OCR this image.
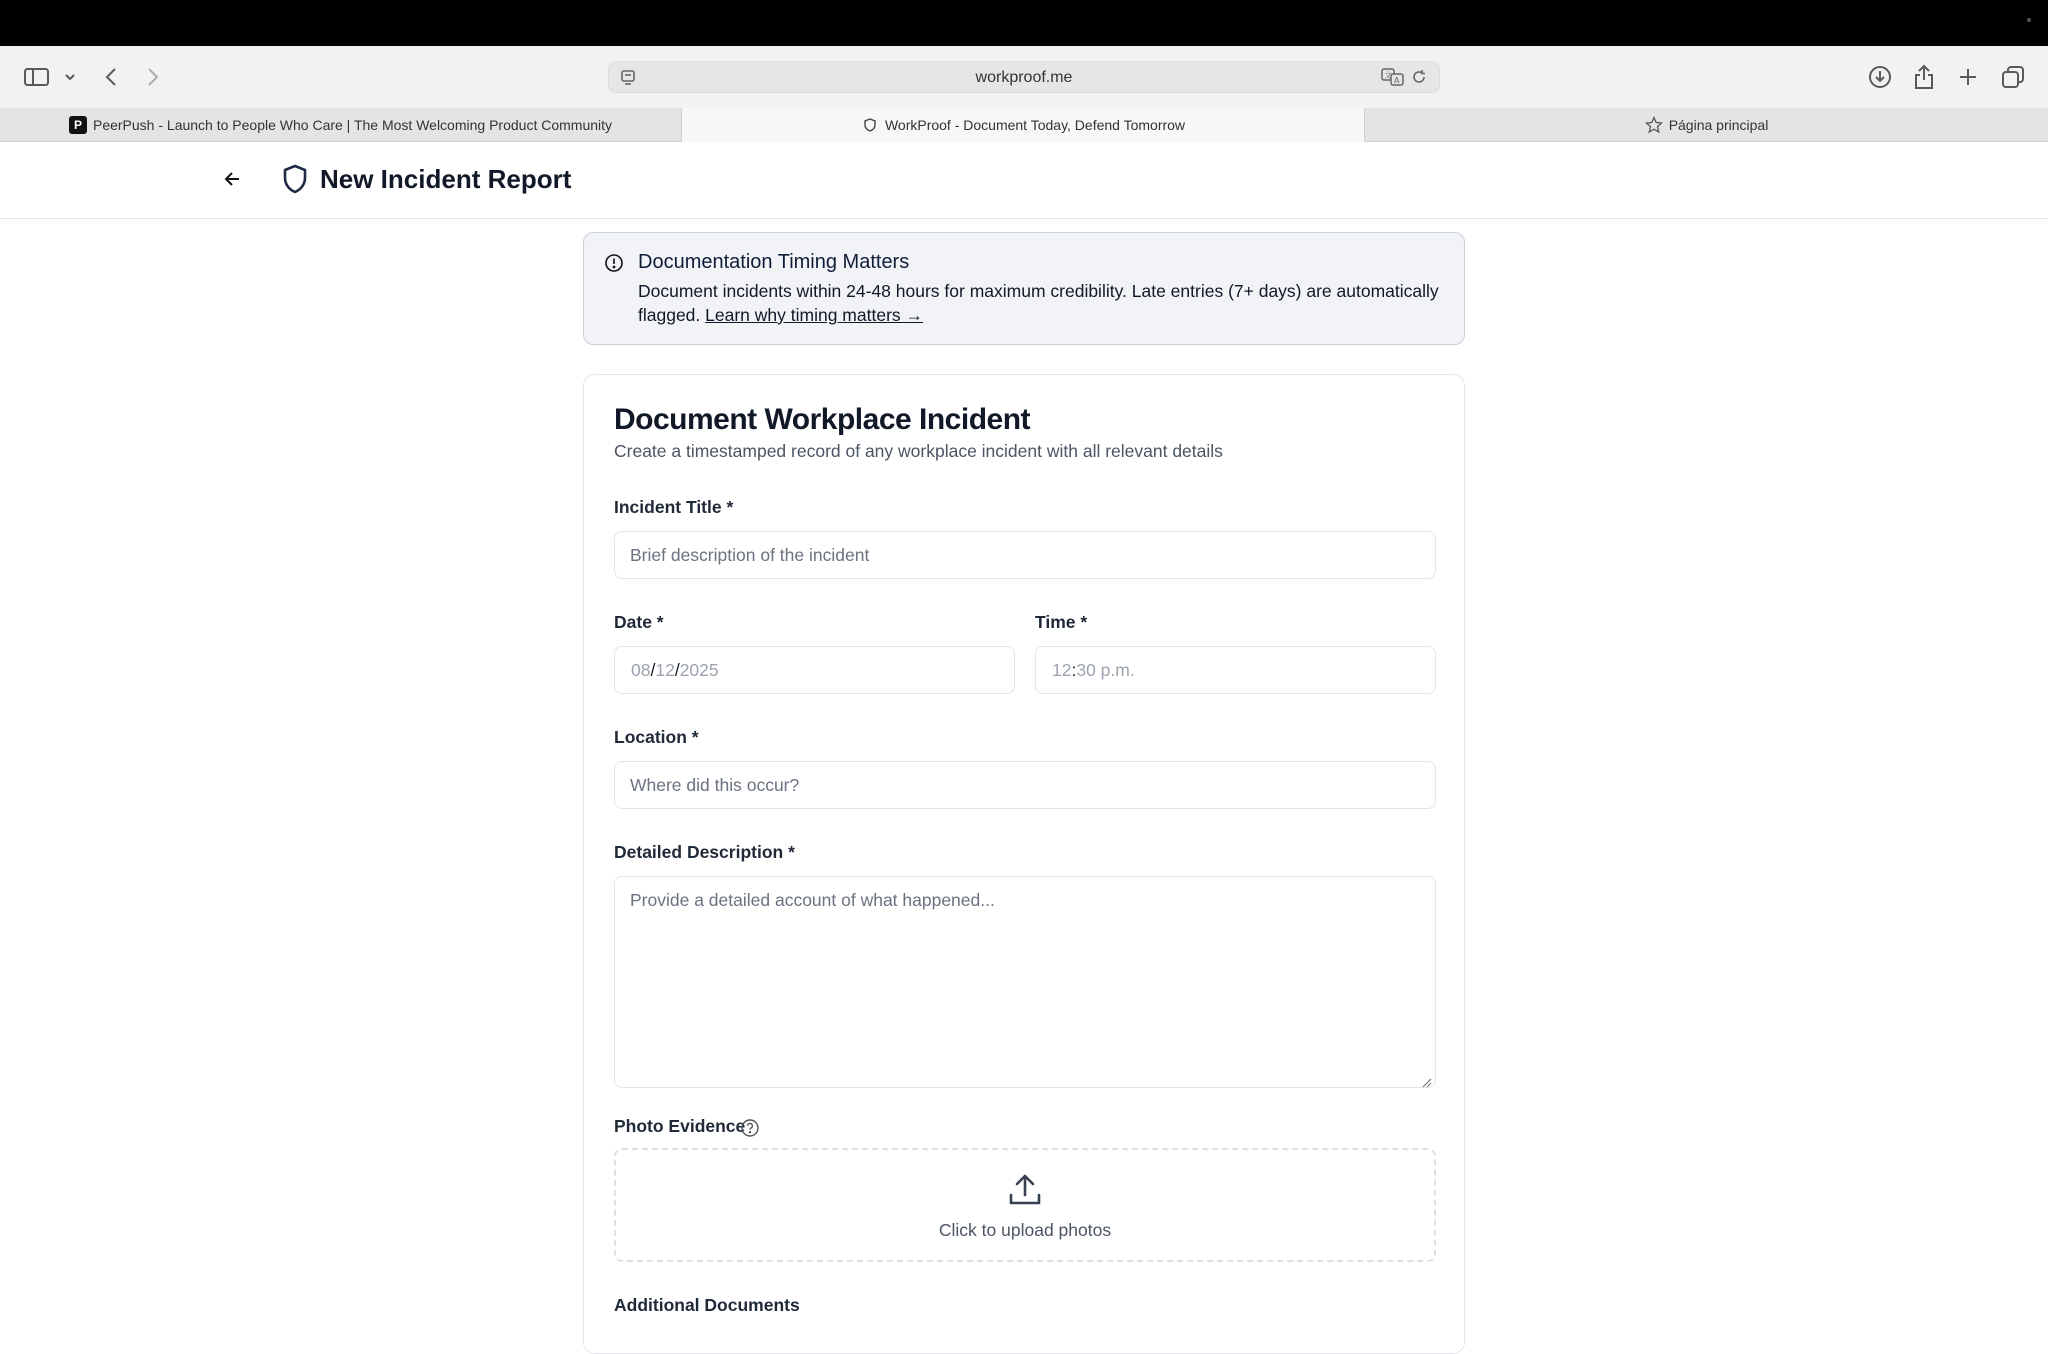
workproof.me	文
A
P PeerPush - Launch to People Who Care | The Most Welcoming Product Community	WorkProof - Document Today, Defend Tomorrow	Página principal
New Incident Report
Documentation Timing Matters
Document incidents within 24-48 hours for maximum credibility. Late entries (7+ days) are automatically flagged. Learn why timing matters →
Document Workplace Incident
Create a timestamped record of any workplace incident with all relevant details
Incident Title *
Brief description of the incident
Date *
08/12/2025
Time *
12:30 p.m.
Location *
Where did this occur?
Detailed Description *
Provide a detailed account of what happened...
Photo Evidence
Click to upload photos
Additional Documents
